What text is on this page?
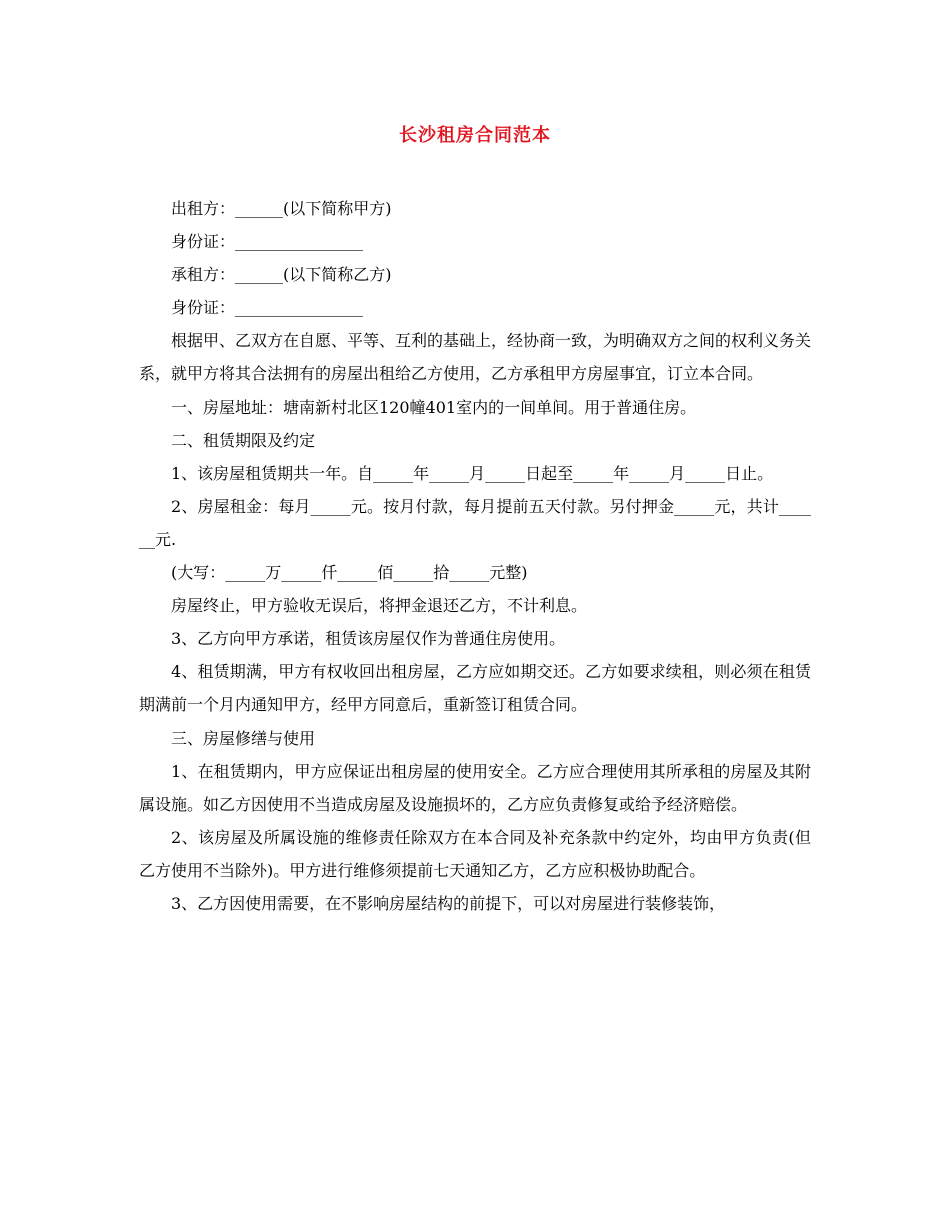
长沙租房合同范本

出租方：______(以下简称甲方)

身份证：________________

承租方：______(以下简称乙方)

身份证：________________

根据甲、乙双方在自愿、平等、互利的基础上，经协商一致，为明确双方之间的权利义务关系，就甲方将其合法拥有的房屋出租给乙方使用，乙方承租甲方房屋事宜，订立本合同。

一、房屋地址：塘南新村北区120幢401室内的一间单间。用于普通住房。

二、租赁期限及约定

1、该房屋租赁期共一年。自_____年_____月_____日起至_____年_____月_____日止。

2、房屋租金：每月_____元。按月付款，每月提前五天付款。另付押金_____元，共计______元.

(大写：_____万_____仟_____佰_____拾_____元整)

房屋终止，甲方验收无误后，将押金退还乙方，不计利息。

3、乙方向甲方承诺，租赁该房屋仅作为普通住房使用。

4、租赁期满，甲方有权收回出租房屋，乙方应如期交还。乙方如要求续租，则必须在租赁期满前一个月内通知甲方，经甲方同意后，重新签订租赁合同。

三、房屋修缮与使用

1、在租赁期内，甲方应保证出租房屋的使用安全。乙方应合理使用其所承租的房屋及其附属设施。如乙方因使用不当造成房屋及设施损坏的，乙方应负责修复或给予经济赔偿。

2、该房屋及所属设施的维修责任除双方在本合同及补充条款中约定外，均由甲方负责(但乙方使用不当除外)。甲方进行维修须提前七天通知乙方，乙方应积极协助配合。

3、乙方因使用需要，在不影响房屋结构的前提下，可以对房屋进行装修装饰，
